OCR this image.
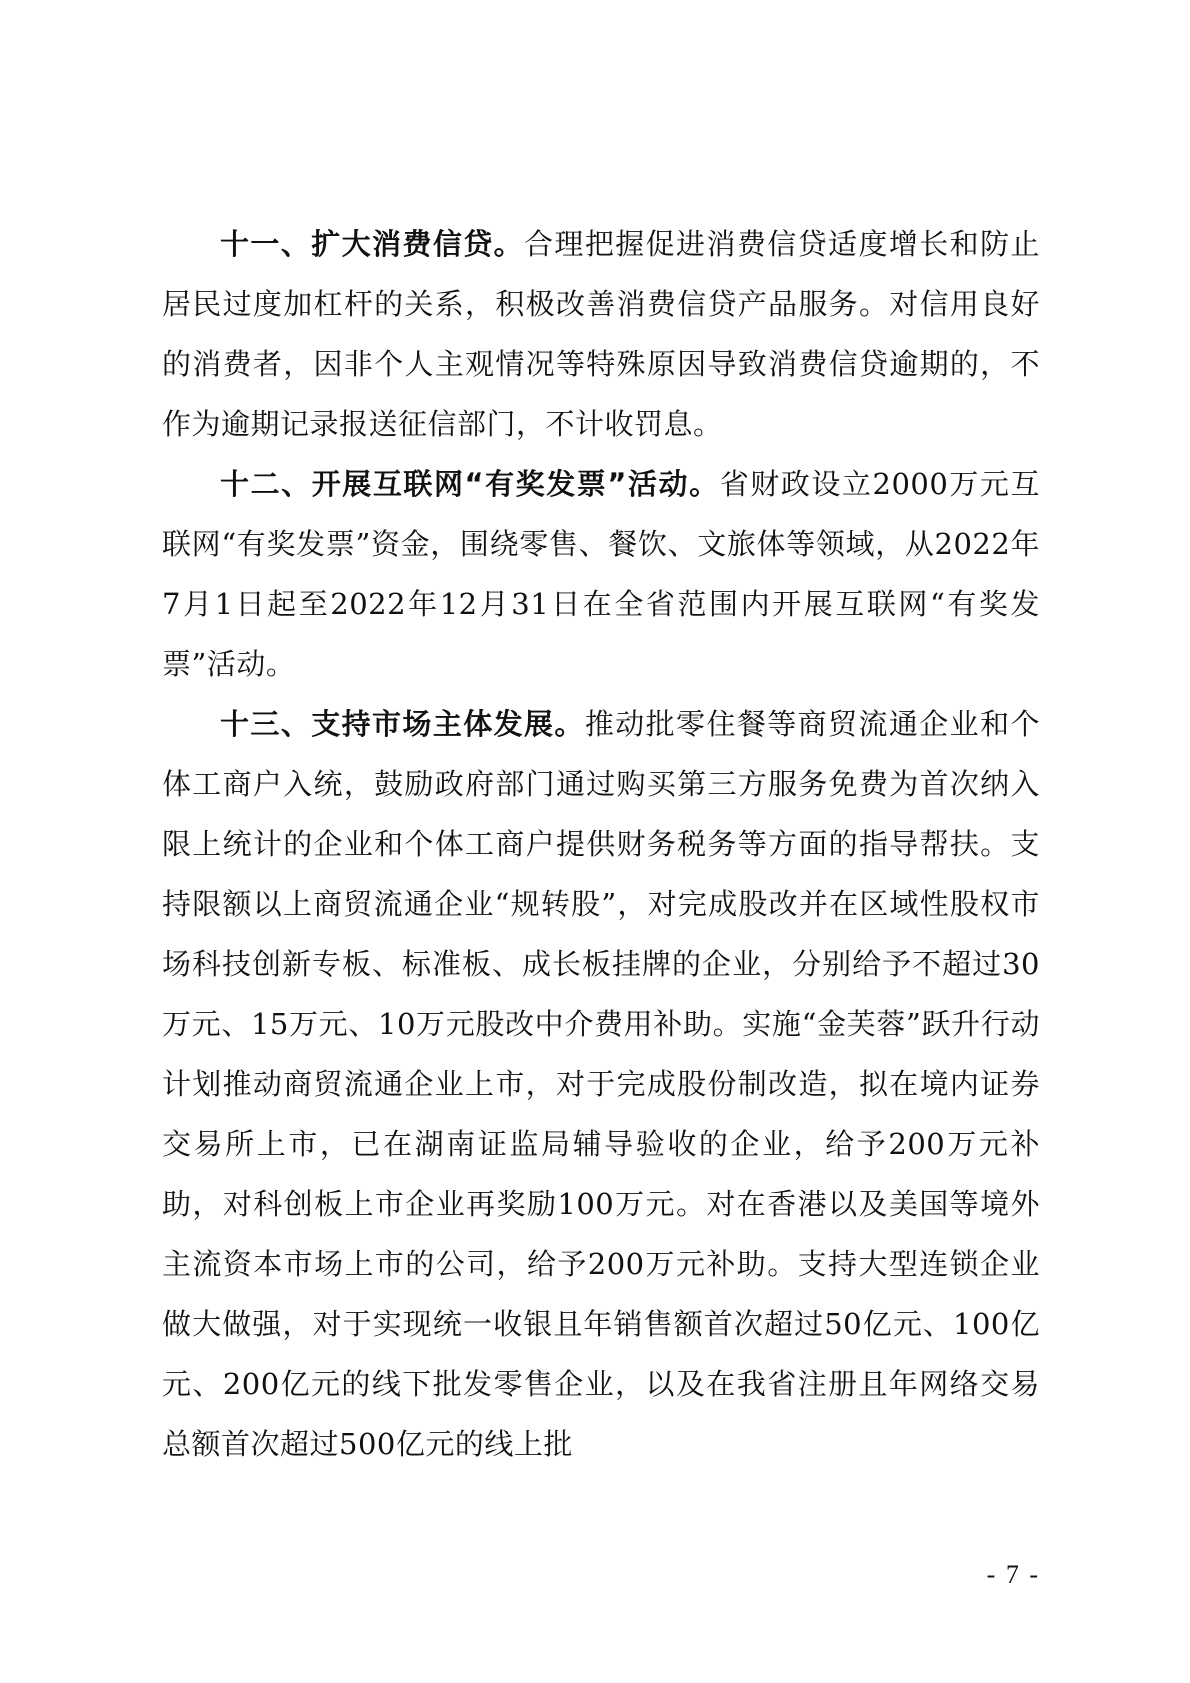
十一、扩大消费信贷。合理把握促进消费信贷适度增长和防止居民过度加杠杆的关系，积极改善消费信贷产品服务。对信用良好的消费者，因非个人主观情况等特殊原因导致消费信贷逾期的，不作为逾期记录报送征信部门，不计收罚息。

十二、开展互联网“有奖发票”活动。省财政设立2000万元互联网“有奖发票”资金，围绕零售、餐饮、文旅体等领域，从2022年7月1日起至2022年12月31日在全省范围内开展互联网“有奖发票”活动。

十三、支持市场主体发展。推动批零住餐等商贸流通企业和个体工商户入统，鼓励政府部门通过购买第三方服务免费为首次纳入限上统计的企业和个体工商户提供财务税务等方面的指导帮扶。支持限额以上商贸流通企业“规转股”，对完成股改并在区域性股权市场科技创新专板、标准板、成长板挂牌的企业，分别给予不超过30万元、15万元、10万元股改中介费用补助。实施“金芙蓉”跃升行动计划推动商贸流通企业上市，对于完成股份制改造，拟在境内证券交易所上市，已在湖南证监局辅导验收的企业，给予200万元补助，对科创板上市企业再奖励100万元。对在香港以及美国等境外主流资本市场上市的公司，给予200万元补助。支持大型连锁企业做大做强，对于实现统一收银且年销售额首次超过50亿元、100亿元、200亿元的线下批发零售企业，以及在我省注册且年网络交易总额首次超过500亿元的线上批

- 7 -
